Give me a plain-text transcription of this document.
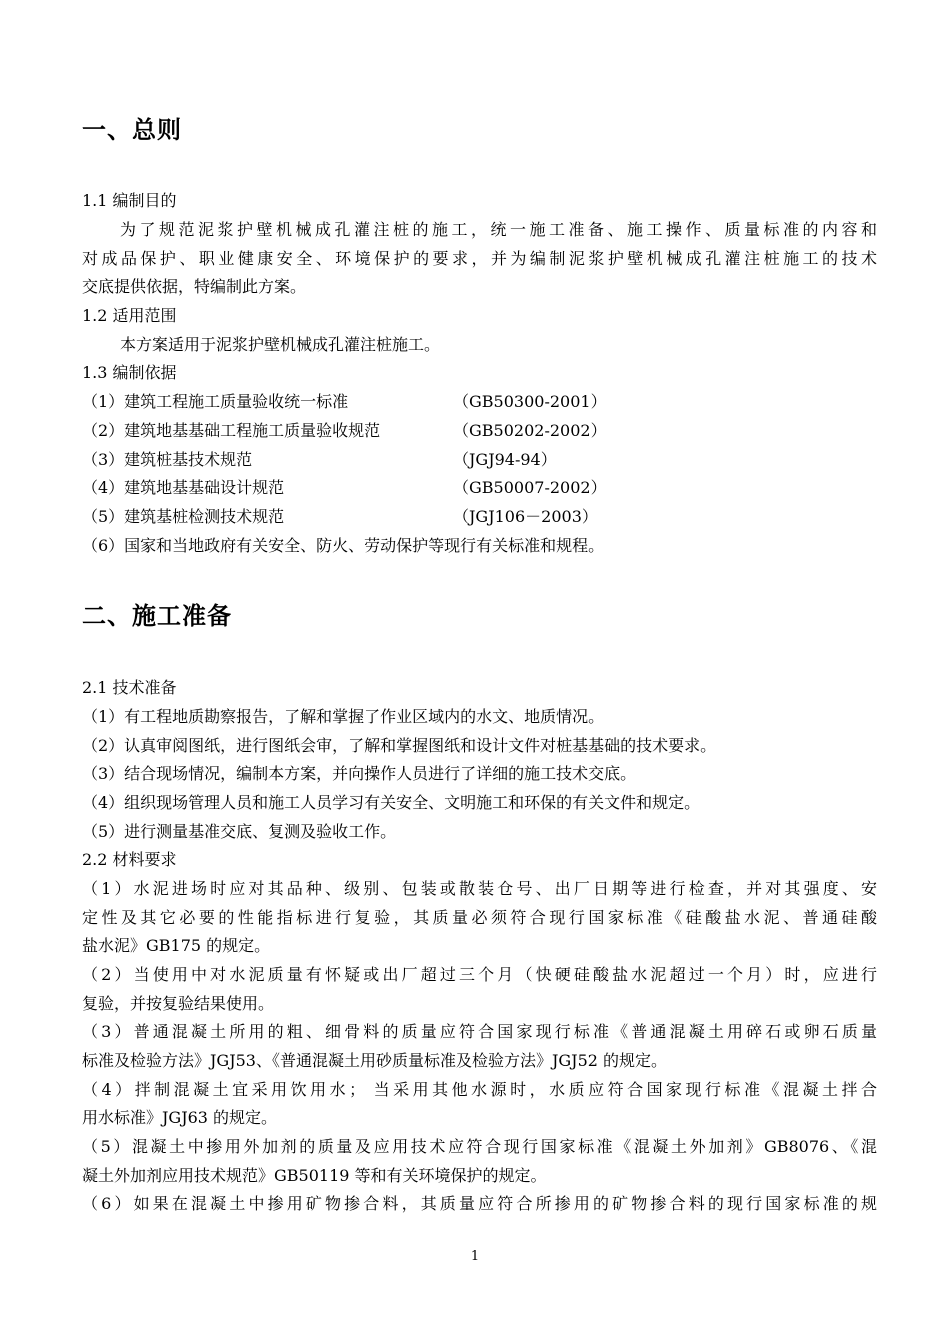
一、总则
1.1 编制目的
为了规范泥浆护壁机械成孔灌注桩的施工，统一施工准备、施工操作、质量标准的内容和
对成品保护、职业健康安全、环境保护的要求，并为编制泥浆护壁机械成孔灌注桩施工的技术
交底提供依据，特编制此方案。
1.2 适用范围
本方案适用于泥浆护壁机械成孔灌注桩施工。
1.3 编制依据
（1）建筑工程施工质量验收统一标准	（GB50300-2001）
（2）建筑地基基础工程施工质量验收规范	（GB50202-2002）
（3）建筑桩基技术规范	（JGJ94-94）
（4）建筑地基基础设计规范	（GB50007-2002）
（5）建筑基桩检测技术规范	（JGJ106－2003）
（6）国家和当地政府有关安全、防火、劳动保护等现行有关标准和规程。
二、施工准备
2.1 技术准备
（1）有工程地质勘察报告，了解和掌握了作业区域内的水文、地质情况。
（2）认真审阅图纸，进行图纸会审，了解和掌握图纸和设计文件对桩基基础的技术要求。
（3）结合现场情况，编制本方案，并向操作人员进行了详细的施工技术交底。
（4）组织现场管理人员和施工人员学习有关安全、文明施工和环保的有关文件和规定。
（5）进行测量基准交底、复测及验收工作。
2.2 材料要求
（1）水泥进场时应对其品种、级别、包装或散装仓号、出厂日期等进行检查，并对其强度、安
定性及其它必要的性能指标进行复验，其质量必须符合现行国家标准《硅酸盐水泥、普通硅酸
盐水泥》GB175 的规定。
（2）当使用中对水泥质量有怀疑或出厂超过三个月（快硬硅酸盐水泥超过一个月）时，应进行
复验，并按复验结果使用。
（3）普通混凝土所用的粗、细骨料的质量应符合国家现行标准《普通混凝土用碎石或卵石质量
标准及检验方法》JGJ53、《普通混凝土用砂质量标准及检验方法》JGJ52 的规定。
（4）拌制混凝土宜采用饮用水； 当采用其他水源时，水质应符合国家现行标准《混凝土拌合
用水标准》JGJ63 的规定。
（5）混凝土中掺用外加剂的质量及应用技术应符合现行国家标准《混凝土外加剂》GB8076、《混
凝土外加剂应用技术规范》GB50119 等和有关环境保护的规定。
（6）如果在混凝土中掺用矿物掺合料，其质量应符合所掺用的矿物掺合料的现行国家标准的规
1
